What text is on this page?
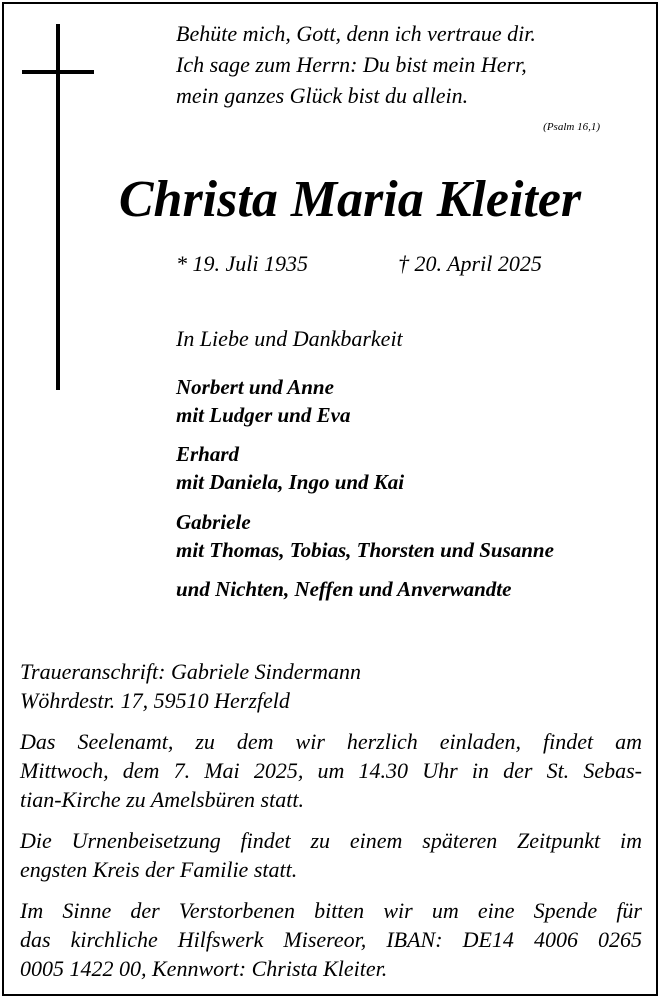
Behüte mich, Gott, denn ich vertraue dir.
Ich sage zum Herrn: Du bist mein Herr,
mein ganzes Glück bist du allein.
(Psalm 16,1)
Christa Maria Kleiter
* 19. Juli 1935	† 20. April 2025
In Liebe und Dankbarkeit
Norbert und Anne
mit Ludger und Eva
Erhard
mit Daniela, Ingo und Kai
Gabriele
mit Thomas, Tobias, Thorsten und Susanne
und Nichten, Neffen und Anverwandte
Traueranschrift: Gabriele Sindermann
Wöhrdestr. 17, 59510 Herzfeld
Das Seelenamt, zu dem wir herzlich einladen, findet am
Mittwoch, dem 7. Mai 2025, um 14.30 Uhr in der St. Sebas-
tian-Kirche zu Amelsbüren statt.
Die Urnenbeisetzung findet zu einem späteren Zeitpunkt im
engsten Kreis der Familie statt.
Im Sinne der Verstorbenen bitten wir um eine Spende für
das kirchliche Hilfswerk Misereor, IBAN: DE14 4006 0265
0005 1422 00, Kennwort: Christa Kleiter.
